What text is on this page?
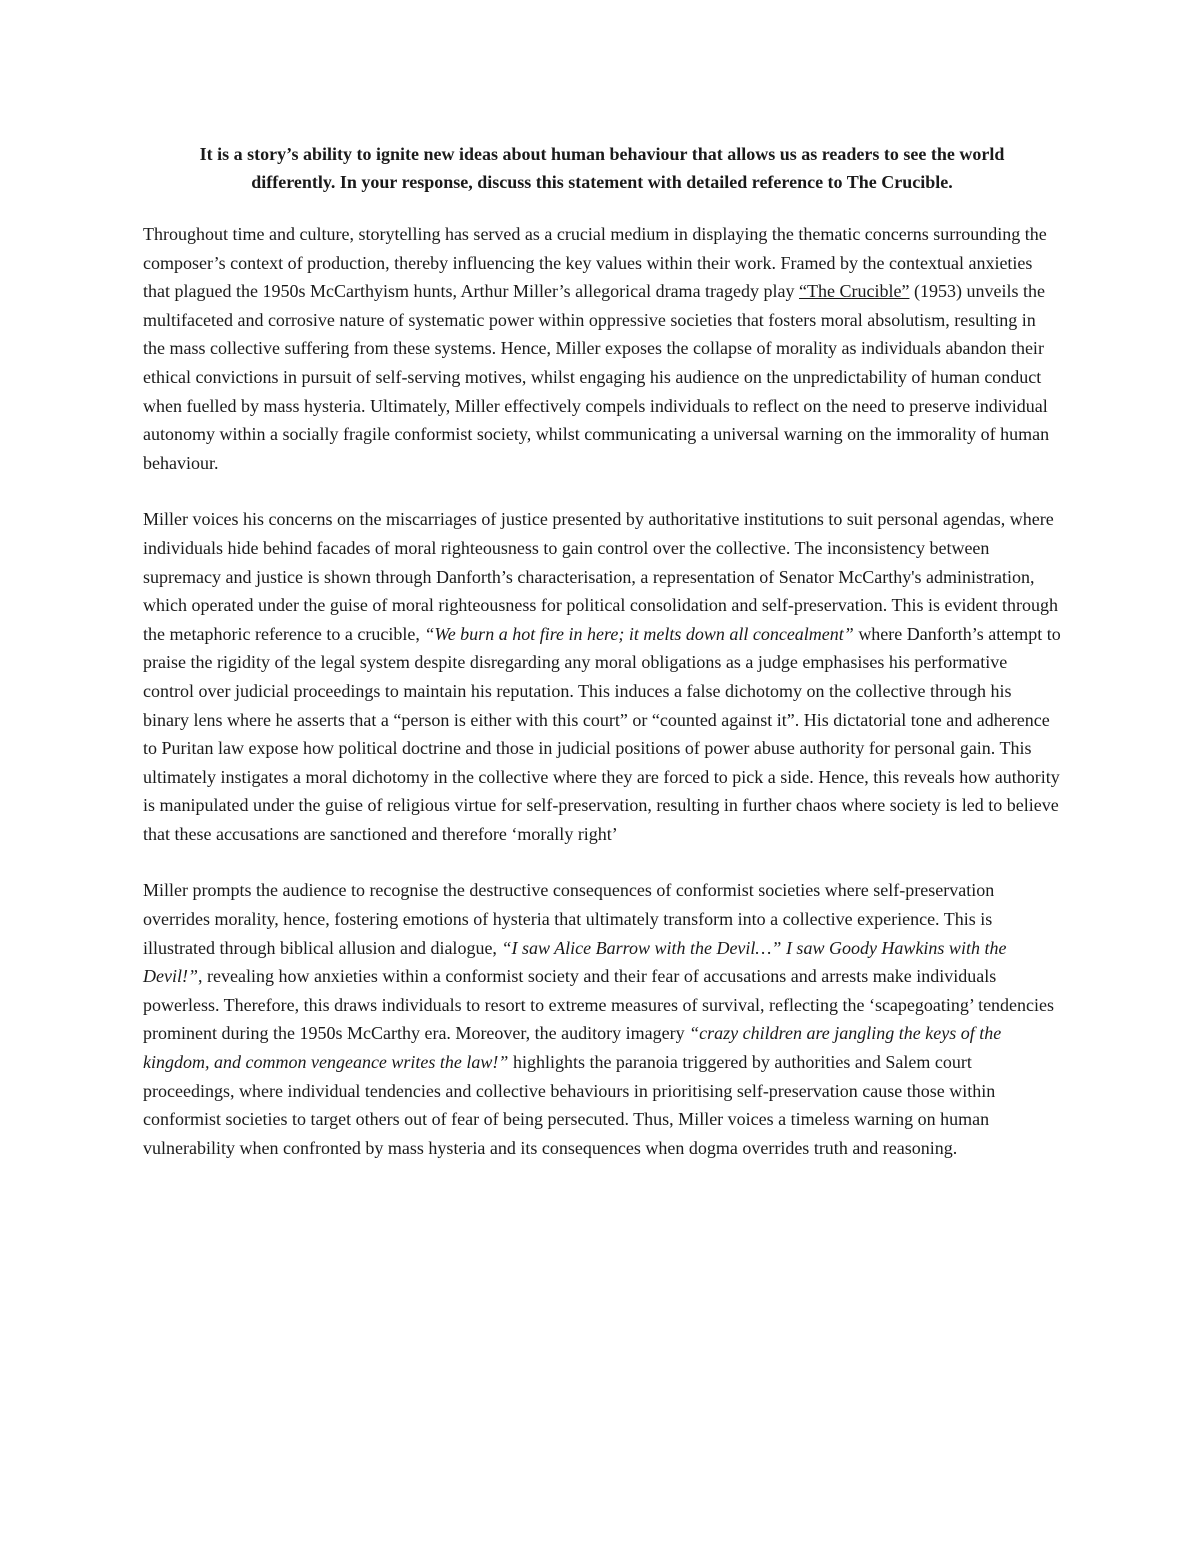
It is a story’s ability to ignite new ideas about human behaviour that allows us as readers to see the world differently. In your response, discuss this statement with detailed reference to The Crucible.

Throughout time and culture, storytelling has served as a crucial medium in displaying the thematic concerns surrounding the composer’s context of production, thereby influencing the key values within their work. Framed by the contextual anxieties that plagued the 1950s McCarthyism hunts, Arthur Miller’s allegorical drama tragedy play “The Crucible” (1953) unveils the multifaceted and corrosive nature of systematic power within oppressive societies that fosters moral absolutism, resulting in the mass collective suffering from these systems. Hence, Miller exposes the collapse of morality as individuals abandon their ethical convictions in pursuit of self-serving motives, whilst engaging his audience on the unpredictability of human conduct when fuelled by mass hysteria. Ultimately, Miller effectively compels individuals to reflect on the need to preserve individual autonomy within a socially fragile conformist society, whilst communicating a universal warning on the immorality of human behaviour.

Miller voices his concerns on the miscarriages of justice presented by authoritative institutions to suit personal agendas, where individuals hide behind facades of moral righteousness to gain control over the collective. The inconsistency between supremacy and justice is shown through Danforth’s characterisation, a representation of Senator McCarthy's administration, which operated under the guise of moral righteousness for political consolidation and self-preservation. This is evident through the metaphoric reference to a crucible, “We burn a hot fire in here; it melts down all concealment” where Danforth’s attempt to praise the rigidity of the legal system despite disregarding any moral obligations as a judge emphasises his performative control over judicial proceedings to maintain his reputation. This induces a false dichotomy on the collective through his binary lens where he asserts that a “person is either with this court” or “counted against it”. His dictatorial tone and adherence to Puritan law expose how political doctrine and those in judicial positions of power abuse authority for personal gain. This ultimately instigates a moral dichotomy in the collective where they are forced to pick a side. Hence, this reveals how authority is manipulated under the guise of religious virtue for self-preservation, resulting in further chaos where society is led to believe that these accusations are sanctioned and therefore ‘morally right’

Miller prompts the audience to recognise the destructive consequences of conformist societies where self-preservation overrides morality, hence, fostering emotions of hysteria that ultimately transform into a collective experience. This is illustrated through biblical allusion and dialogue, “I saw Alice Barrow with the Devil…” I saw Goody Hawkins with the Devil!”, revealing how anxieties within a conformist society and their fear of accusations and arrests make individuals powerless. Therefore, this draws individuals to resort to extreme measures of survival, reflecting the ‘scapegoating’ tendencies prominent during the 1950s McCarthy era. Moreover, the auditory imagery “crazy children are jangling the keys of the kingdom, and common vengeance writes the law!” highlights the paranoia triggered by authorities and Salem court proceedings, where individual tendencies and collective behaviours in prioritising self-preservation cause those within conformist societies to target others out of fear of being persecuted. Thus, Miller voices a timeless warning on human vulnerability when confronted by mass hysteria and its consequences when dogma overrides truth and reasoning.
